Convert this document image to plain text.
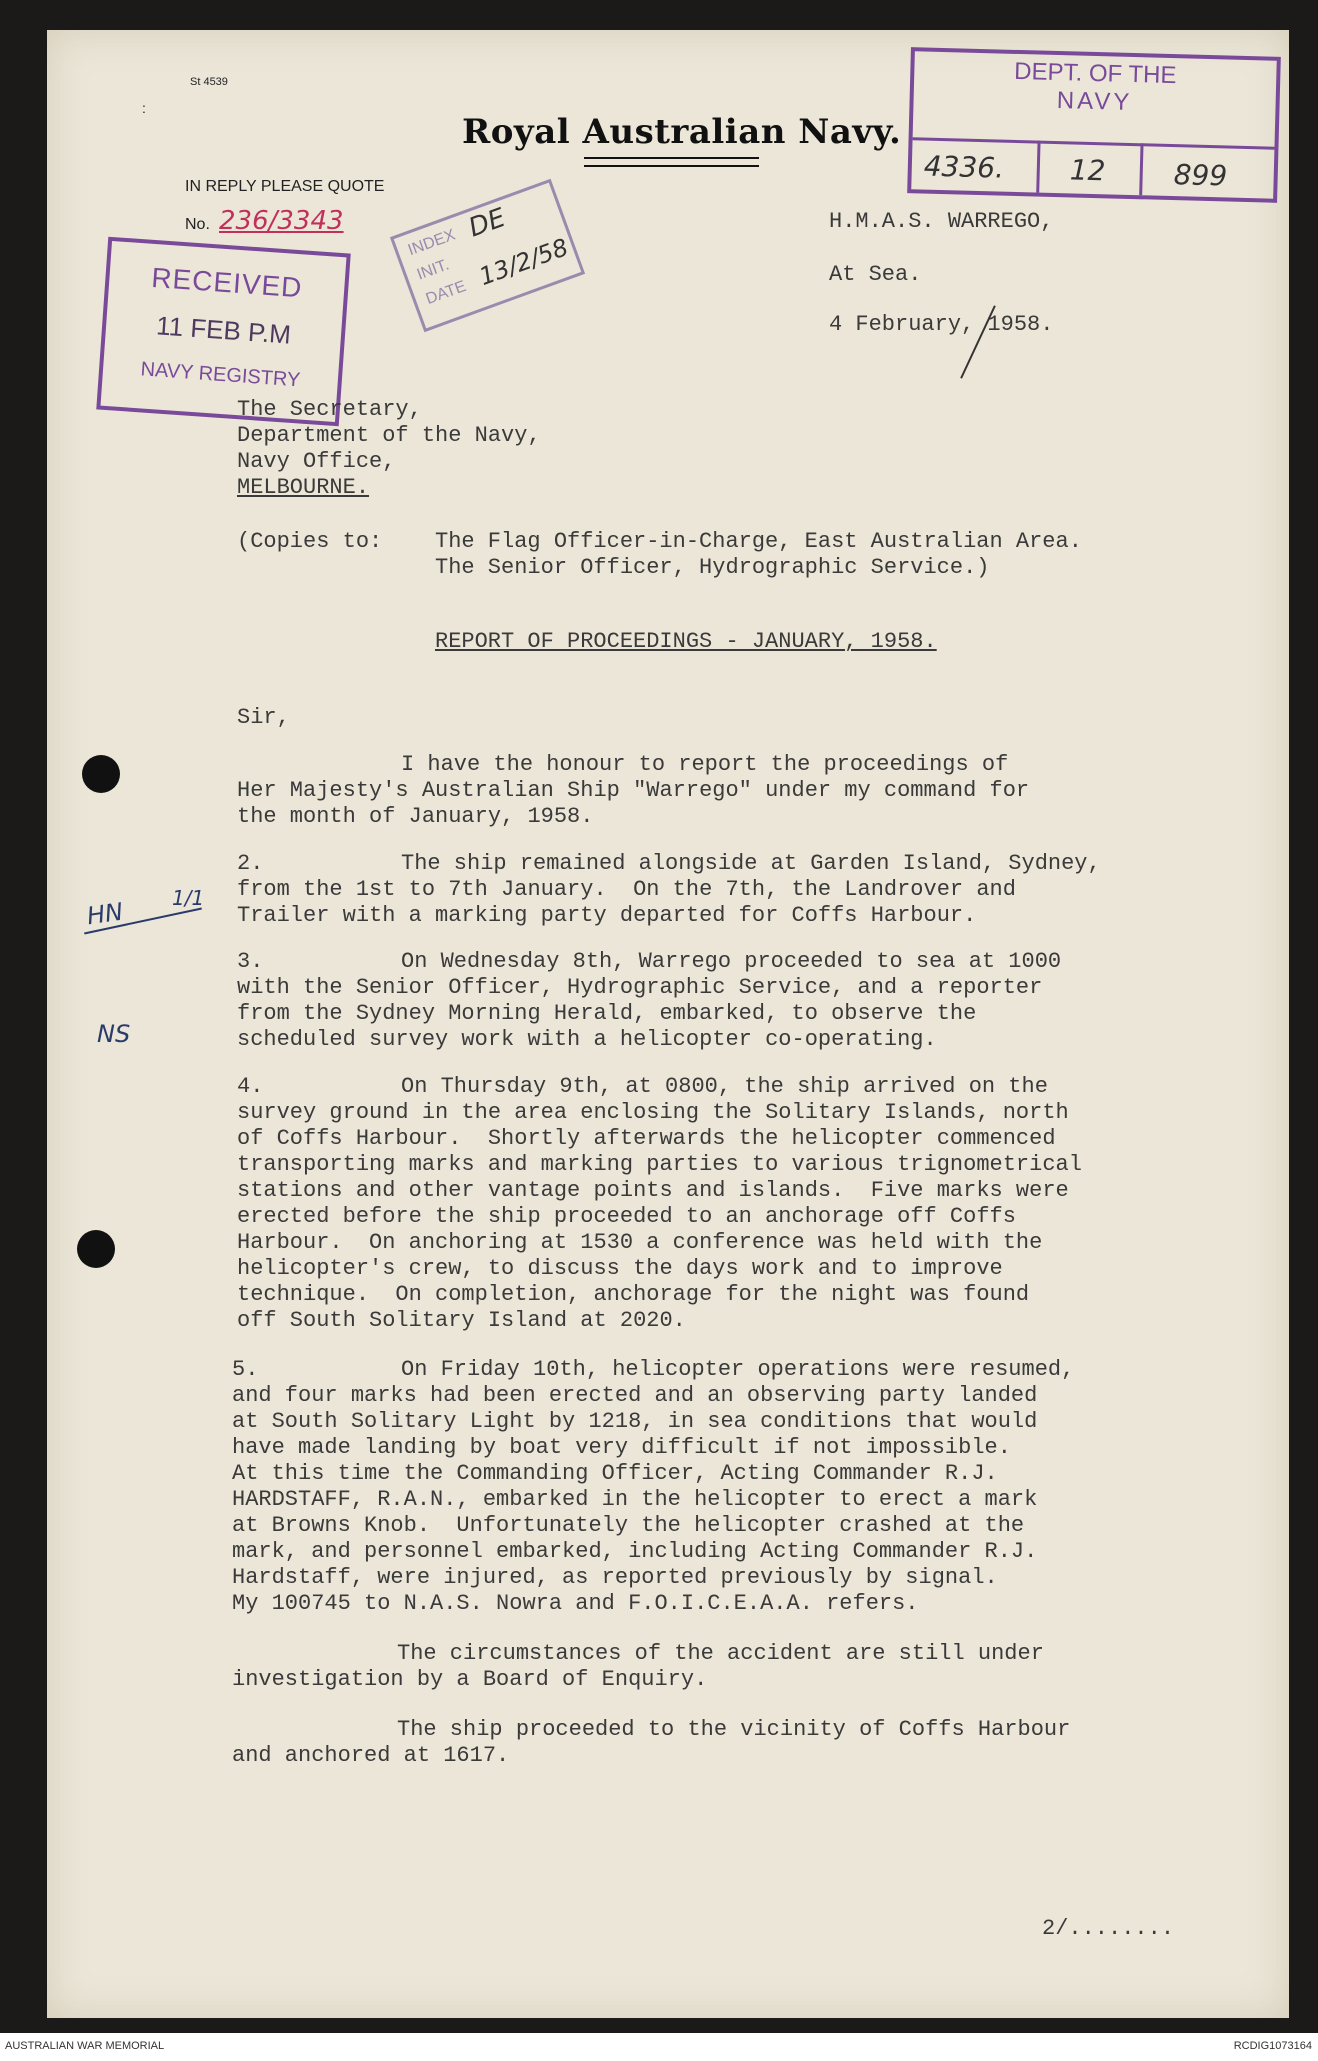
St 4539
:
Royal Australian Navy.
IN REPLY PLEASE QUOTE
No. 236/3343
DEPT. OF THE
NAVY
4336. 12 899
RECEIVED
11 FEB P.M
NAVY REGISTRY
INDEX
INIT.
DATE
DE
13/2/58
H.M.A.S. WARREGO,
At Sea.
4 February, 1958.
The Secretary,
Department of the Navy,
Navy Office,
MELBOURNE.
(Copies to: The Flag Officer-in-Charge, East Australian Area.
The Senior Officer, Hydrographic Service.)
REPORT OF PROCEEDINGS - JANUARY, 1958.
Sir,
I have the honour to report the proceedings of
Her Majesty's Australian Ship "Warrego" under my command for
the month of January, 1958.
2.	The ship remained alongside at Garden Island, Sydney,
from the 1st to 7th January.  On the 7th, the Landrover and
Trailer with a marking party departed for Coffs Harbour.
HN 1/1
NS
3.	On Wednesday 8th, Warrego proceeded to sea at 1000
with the Senior Officer, Hydrographic Service, and a reporter
from the Sydney Morning Herald, embarked, to observe the
scheduled survey work with a helicopter co-operating.
4.	On Thursday 9th, at 0800, the ship arrived on the
survey ground in the area enclosing the Solitary Islands, north
of Coffs Harbour.  Shortly afterwards the helicopter commenced
transporting marks and marking parties to various trignometrical
stations and other vantage points and islands.  Five marks were
erected before the ship proceeded to an anchorage off Coffs
Harbour.  On anchoring at 1530 a conference was held with the
helicopter's crew, to discuss the days work and to improve
technique.  On completion, anchorage for the night was found
off South Solitary Island at 2020.
5.	On Friday 10th, helicopter operations were resumed,
and four marks had been erected and an observing party landed
at South Solitary Light by 1218, in sea conditions that would
have made landing by boat very difficult if not impossible.
At this time the Commanding Officer, Acting Commander R.J.
HARDSTAFF, R.A.N., embarked in the helicopter to erect a mark
at Browns Knob.  Unfortunately the helicopter crashed at the
mark, and personnel embarked, including Acting Commander R.J.
Hardstaff, were injured, as reported previously by signal.
My 100745 to N.A.S. Nowra and F.O.I.C.E.A.A. refers.
The circumstances of the accident are still under
investigation by a Board of Enquiry.
The ship proceeded to the vicinity of Coffs Harbour
and anchored at 1617.
2/........
AUSTRALIAN WAR MEMORIAL	RCDIG1073164
